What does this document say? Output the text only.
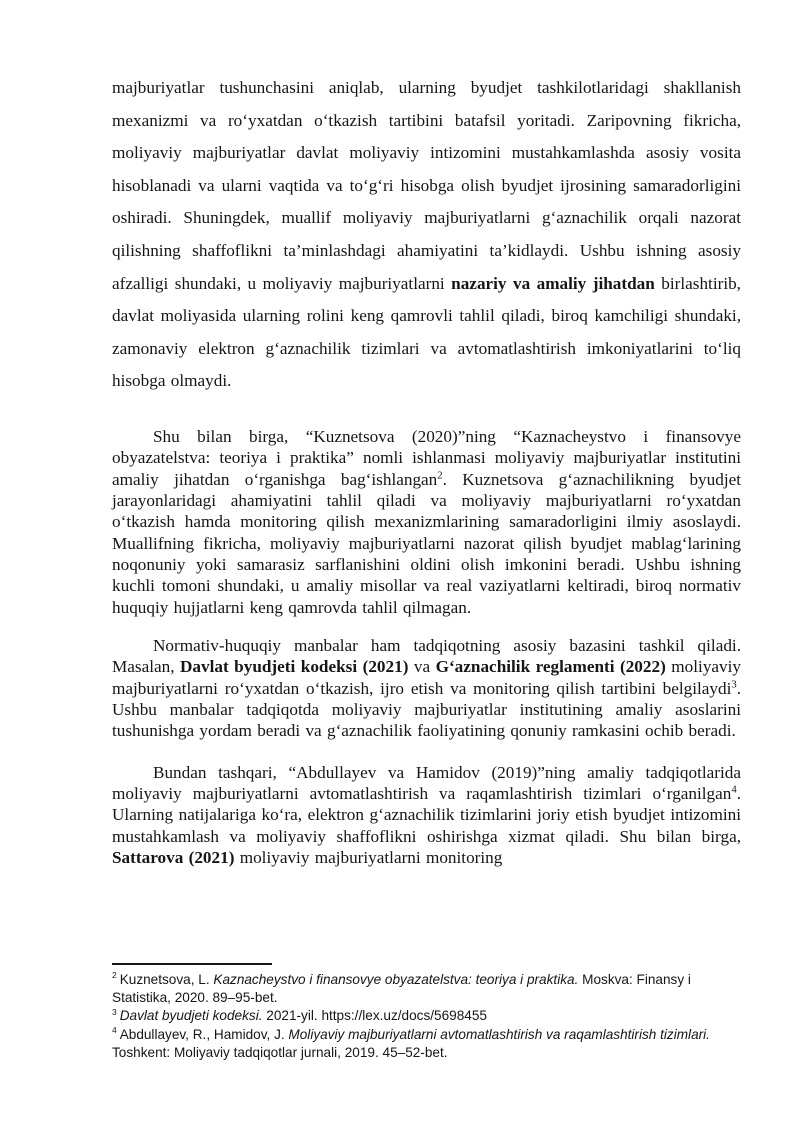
majburiyatlar tushunchasini aniqlab, ularning byudjet tashkilotlaridagi shakllanish mexanizmi va ro‘yxatdan o‘tkazish tartibini batafsil yoritadi. Zaripovning fikricha, moliyaviy majburiyatlar davlat moliyaviy intizomini mustahkamlashda asosiy vosita hisoblanadi va ularni vaqtida va to‘g‘ri hisobga olish byudjet ijrosining samaradorligini oshiradi. Shuningdek, muallif moliyaviy majburiyatlarni g‘aznachilik orqali nazorat qilishning shaffoflikni ta’minlashdagi ahamiyatini ta’kidlaydi. Ushbu ishning asosiy afzalligi shundaki, u moliyaviy majburiyatlarni nazariy va amaliy jihatdan birlashtirib, davlat moliyasida ularning rolini keng qamrovli tahlil qiladi, biroq kamchiligi shundaki, zamonaviy elektron g‘aznachilik tizimlari va avtomatlashtirish imkoniyatlarini to‘liq hisobga olmaydi.

Shu bilan birga, “Kuznetsova (2020)”ning “Kaznacheystvo i finansovye obyazatelstva: teoriya i praktika” nomli ishlanmasi moliyaviy majburiyatlar institutini amaliy jihatdan o‘rganishga bag‘ishlangan$^2$. Kuznetsova g‘aznachilikning byudjet jarayonlaridagi ahamiyatini tahlil qiladi va moliyaviy majburiyatlarni ro‘yxatdan o‘tkazish hamda monitoring qilish mexanizmlarining samaradorligini ilmiy asoslaydi. Muallifning fikricha, moliyaviy majburiyatlarni nazorat qilish byudjet mablag‘larining noqonuniy yoki samarasiz sarflanishini oldini olish imkonini beradi. Ushbu ishning kuchli tomoni shundaki, u amaliy misollar va real vaziyatlarni keltiradi, biroq normativ huquqiy hujjatlarni keng qamrovda tahlil qilmagan.

Normativ-huquqiy manbalar ham tadqiqotning asosiy bazasini tashkil qiladi. Masalan, Davlat byudjeti kodeksi (2021) va G‘aznachilik reglamenti (2022) moliyaviy majburiyatlarni ro‘yxatdan o‘tkazish, ijro etish va monitoring qilish tartibini belgilaydi$^3$. Ushbu manbalar tadqiqotda moliyaviy majburiyatlar institutining amaliy asoslarini tushunishga yordam beradi va g‘aznachilik faoliyatining qonuniy ramkasini ochib beradi.

Bundan tashqari, “Abdullayev va Hamidov (2019)”ning amaliy tadqiqotlarida moliyaviy majburiyatlarni avtomatlashtirish va raqamlashtirish tizimlari o‘rganilgan$^4$. Ularning natijalariga ko‘ra, elektron g‘aznachilik tizimlarini joriy etish byudjet intizomini mustahkamlash va moliyaviy shaffoflikni oshirishga xizmat qiladi. Shu bilan birga, Sattarova (2021) moliyaviy majburiyatlarni monitoring

$^2$ Kuznetsova, L. Kaznacheystvo i finansovye obyazatelstva: teoriya i praktika. Moskva: Finansy i Statistika, 2020. 89–95-bet.
$^3$ Davlat byudjeti kodeksi. 2021-yil. https://lex.uz/docs/5698455
$^4$ Abdullayev, R., Hamidov, J. Moliyaviy majburiyatlarni avtomatlashtirish va raqamlashtirish tizimlari. Toshkent: Moliyaviy tadqiqotlar jurnali, 2019. 45–52-bet.
